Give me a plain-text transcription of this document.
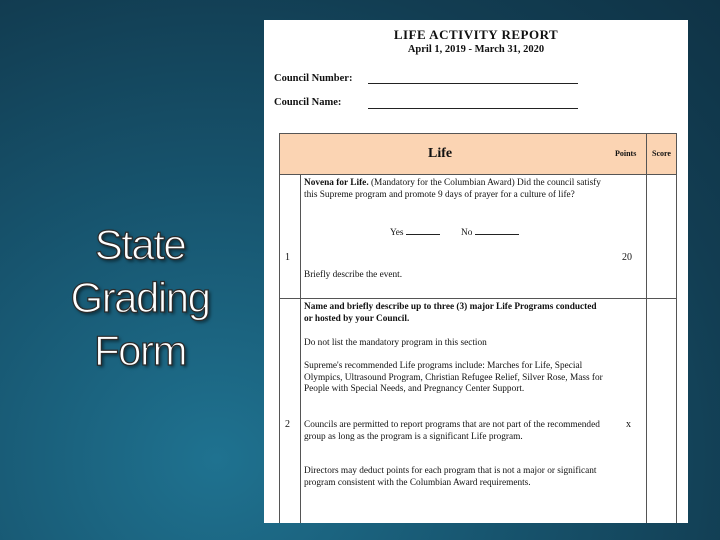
State
Grading
Form
LIFE ACTIVITY REPORT
April 1, 2019 - March 31, 2020
Council Number:
Council Name:
Life	Points Score
1
Novena for Life. (Mandatory for the Columbian Award) Did the council satisfy this Supreme program and promote 9 days of prayer for a culture of life?
Yes	No
Briefly describe the event.
20
2
Name and briefly describe up to three (3) major Life Programs conducted or hosted by your Council.
Do not list the mandatory program in this section
Supreme's recommended Life programs include: Marches for Life, Special Olympics, Ultrasound Program, Christian Refugee Relief, Silver Rose, Mass for People with Special Needs, and Pregnancy Center Support.
Councils are permitted to report programs that are not part of the recommended group as long as the program is a significant Life program.
Directors may deduct points for each program that is not a major or significant program consistent with the Columbian Award requirements.
x
